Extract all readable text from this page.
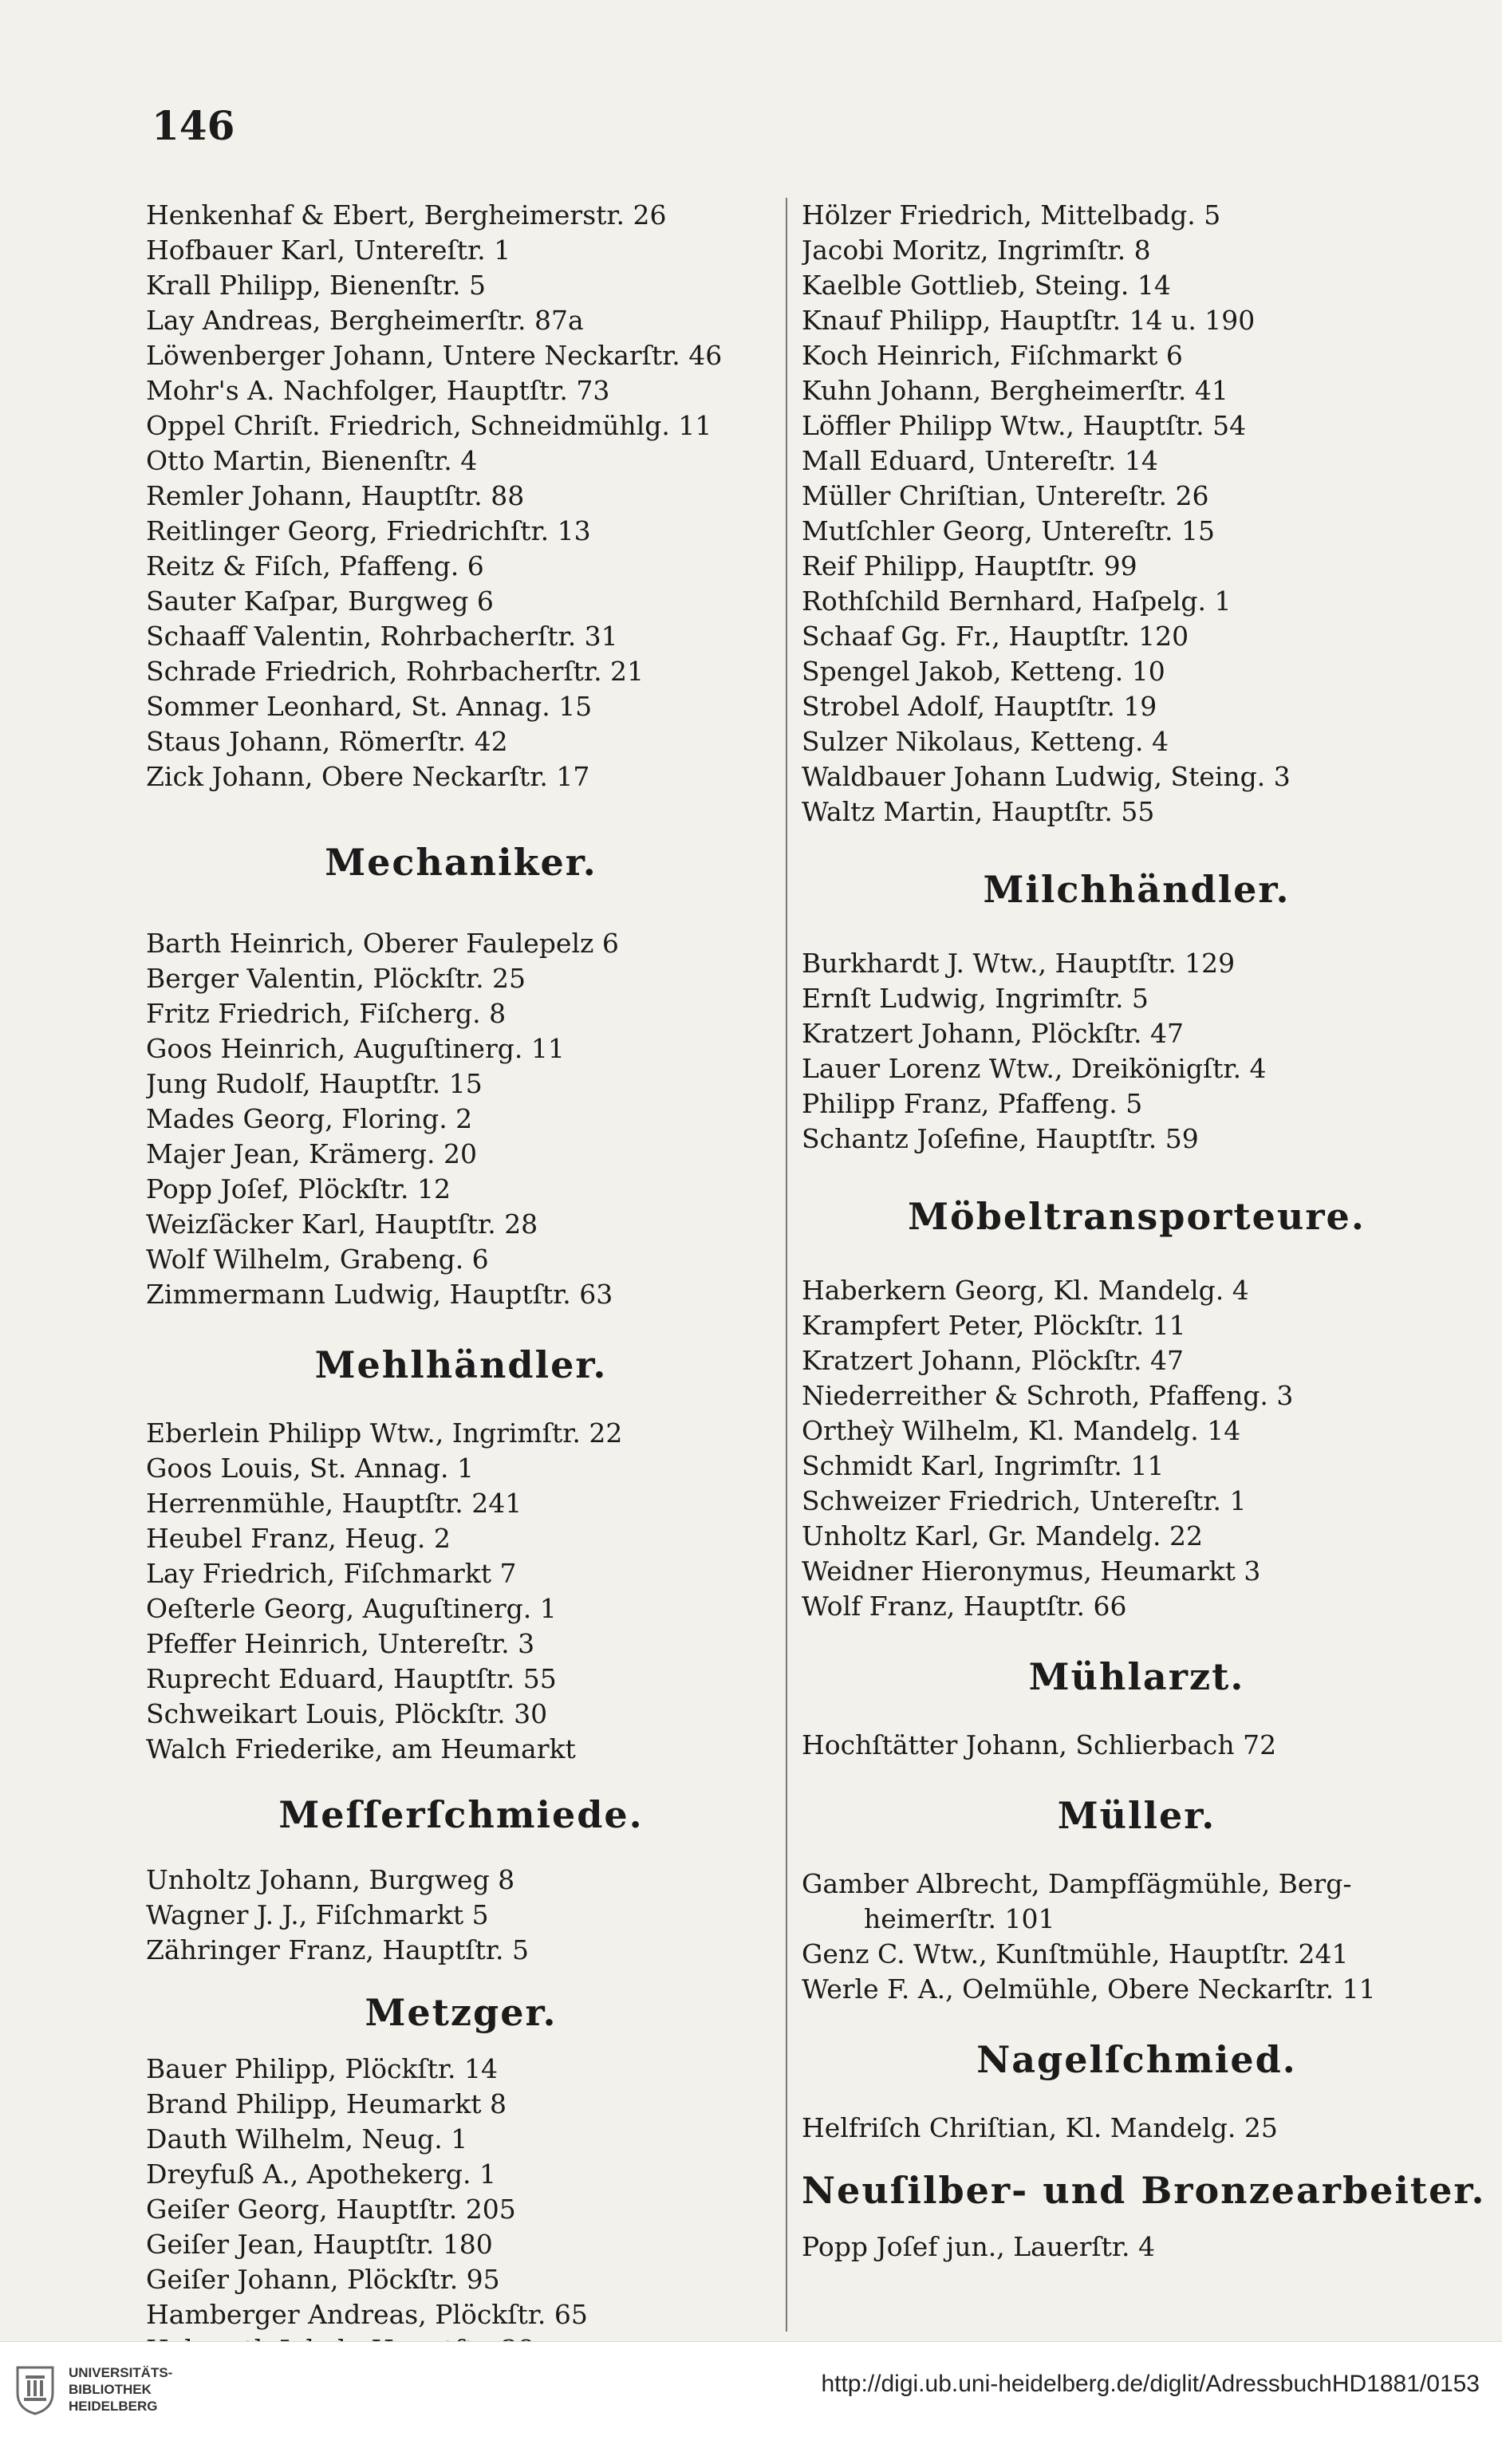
146
Henkenhaf & Ebert, Bergheimerstr. 26
Hofbauer Karl, Untereſtr. 1
Krall Philipp, Bienenſtr. 5
Lay Andreas, Bergheimerſtr. 87a
Löwenberger Johann, Untere Neckarſtr. 46
Mohr's A. Nachfolger, Hauptſtr. 73
Oppel Chriſt. Friedrich, Schneidmühlg. 11
Otto Martin, Bienenſtr. 4
Remler Johann, Hauptſtr. 88
Reitlinger Georg, Friedrichſtr. 13
Reitz & Fiſch, Pfaffeng. 6
Sauter Kaſpar, Burgweg 6
Schaaff Valentin, Rohrbacherſtr. 31
Schrade Friedrich, Rohrbacherſtr. 21
Sommer Leonhard, St. Annag. 15
Staus Johann, Römerſtr. 42
Zick Johann, Obere Neckarſtr. 17
Mechaniker.
Barth Heinrich, Oberer Faulepelz 6
Berger Valentin, Plöckſtr. 25
Fritz Friedrich, Fiſcherg. 8
Goos Heinrich, Auguſtinerg. 11
Jung Rudolf, Hauptſtr. 15
Mades Georg, Floring. 2
Majer Jean, Krämerg. 20
Popp Joſef, Plöckſtr. 12
Weizſäcker Karl, Hauptſtr. 28
Wolf Wilhelm, Grabeng. 6
Zimmermann Ludwig, Hauptſtr. 63
Mehlhändler.
Eberlein Philipp Wtw., Ingrimſtr. 22
Goos Louis, St. Annag. 1
Herrenmühle, Hauptſtr. 241
Heubel Franz, Heug. 2
Lay Friedrich, Fiſchmarkt 7
Oeſterle Georg, Auguſtinerg. 1
Pfeffer Heinrich, Untereſtr. 3
Ruprecht Eduard, Hauptſtr. 55
Schweikart Louis, Plöckſtr. 30
Walch Friederike, am Heumarkt
Meſſerſchmiede.
Unholtz Johann, Burgweg 8
Wagner J. J., Fiſchmarkt 5
Zähringer Franz, Hauptſtr. 5
Metzger.
Bauer Philipp, Plöckſtr. 14
Brand Philipp, Heumarkt 8
Dauth Wilhelm, Neug. 1
Dreyfuß A., Apothekerg. 1
Geiſer Georg, Hauptſtr. 205
Geiſer Jean, Hauptſtr. 180
Geiſer Johann, Plöckſtr. 95
Hamberger Andreas, Plöckſtr. 65
Hölzer Friedrich, Mittelbadg. 5
Jacobi Moritz, Ingrimſtr. 8
Kaelble Gottlieb, Steing. 14
Knauf Philipp, Hauptſtr. 14 u. 190
Koch Heinrich, Fiſchmarkt 6
Kuhn Johann, Bergheimerſtr. 41
Löffler Philipp Wtw., Hauptſtr. 54
Mall Eduard, Untereſtr. 14
Müller Chriſtian, Untereſtr. 26
Mutſchler Georg, Untereſtr. 15
Reif Philipp, Hauptſtr. 99
Rothſchild Bernhard, Haſpelg. 1
Schaaf Gg. Fr., Hauptſtr. 120
Spengel Jakob, Ketteng. 10
Strobel Adolf, Hauptſtr. 19
Sulzer Nikolaus, Ketteng. 4
Waldbauer Johann Ludwig, Steing. 3
Waltz Martin, Hauptſtr. 55
Milchhändler.
Burkhardt J. Wtw., Hauptſtr. 129
Ernſt Ludwig, Ingrimſtr. 5
Kratzert Johann, Plöckſtr. 47
Lauer Lorenz Wtw., Dreikönigſtr. 4
Philipp Franz, Pfaffeng. 5
Schantz Joſefine, Hauptſtr. 59
Möbeltransporteure.
Haberkern Georg, Kl. Mandelg. 4
Krampfert Peter, Plöckſtr. 11
Kratzert Johann, Plöckſtr. 47
Niederreither & Schroth, Pfaffeng. 3
Ortheỳ Wilhelm, Kl. Mandelg. 14
Schmidt Karl, Ingrimſtr. 11
Schweizer Friedrich, Untereſtr. 1
Unholtz Karl, Gr. Mandelg. 22
Weidner Hieronymus, Heumarkt 3
Wolf Franz, Hauptſtr. 66
Mühlarzt.
Hochſtätter Johann, Schlierbach 72
Müller.
Gamber Albrecht, Dampfſägmühle, Berg-
heimerſtr. 101
Genz C. Wtw., Kunſtmühle, Hauptſtr. 241
Werle F. A., Oelmühle, Obere Neckarſtr. 11
Nagelſchmied.
Helfriſch Chriſtian, Kl. Mandelg. 25
Neuſilber- und Bronzearbeiter.
Popp Joſef jun., Lauerſtr. 4
UNIVERSITÄTS-
BIBLIOTHEK
HEIDELBERG
http://digi.ub.uni-heidelberg.de/diglit/AdressbuchHD1881/0153
